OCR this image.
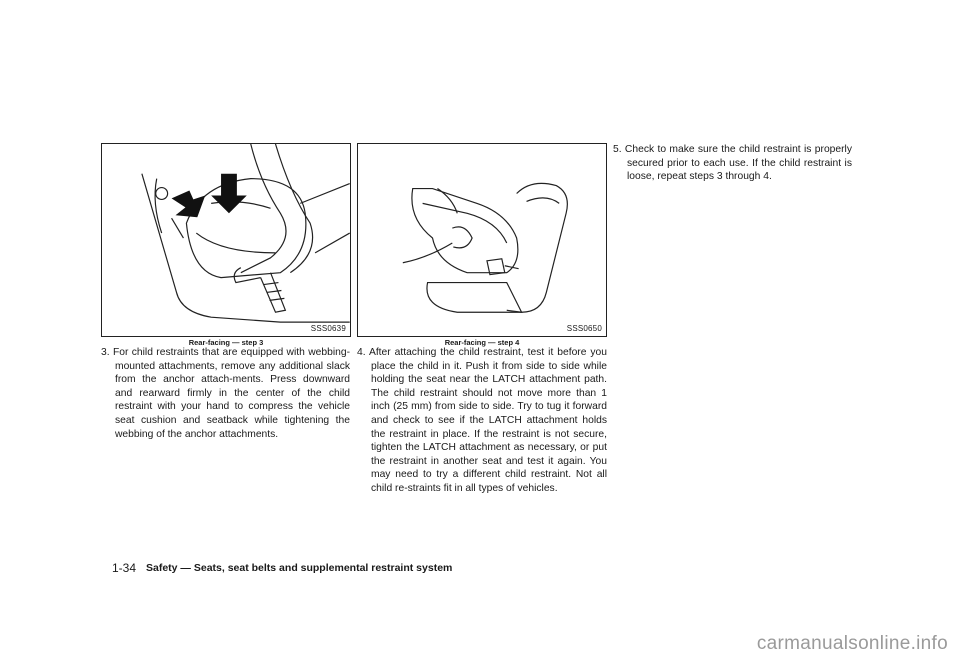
SSS0639
Rear-facing — step 3
SSS0650
Rear-facing — step 4
3. For child restraints that are equipped with webbing-mounted attachments, remove any additional slack from the anchor attach-ments. Press downward and rearward firmly in the center of the child restraint with your hand to compress the vehicle seat cushion and seatback while tightening the webbing of the anchor attachments.
4. After attaching the child restraint, test it before you place the child in it. Push it from side to side while holding the seat near the LATCH attachment path. The child restraint should not move more than 1 inch (25 mm) from side to side. Try to tug it forward and check to see if the LATCH attachment holds the restraint in place. If the restraint is not secure, tighten the LATCH attachment as necessary, or put the restraint in another seat and test it again. You may need to try a different child restraint. Not all child re-straints fit in all types of vehicles.
5. Check to make sure the child restraint is properly secured prior to each use. If the child restraint is loose, repeat steps 3 through 4.
1-34 Safety — Seats, seat belts and supplemental restraint system
carmanualsonline.info
